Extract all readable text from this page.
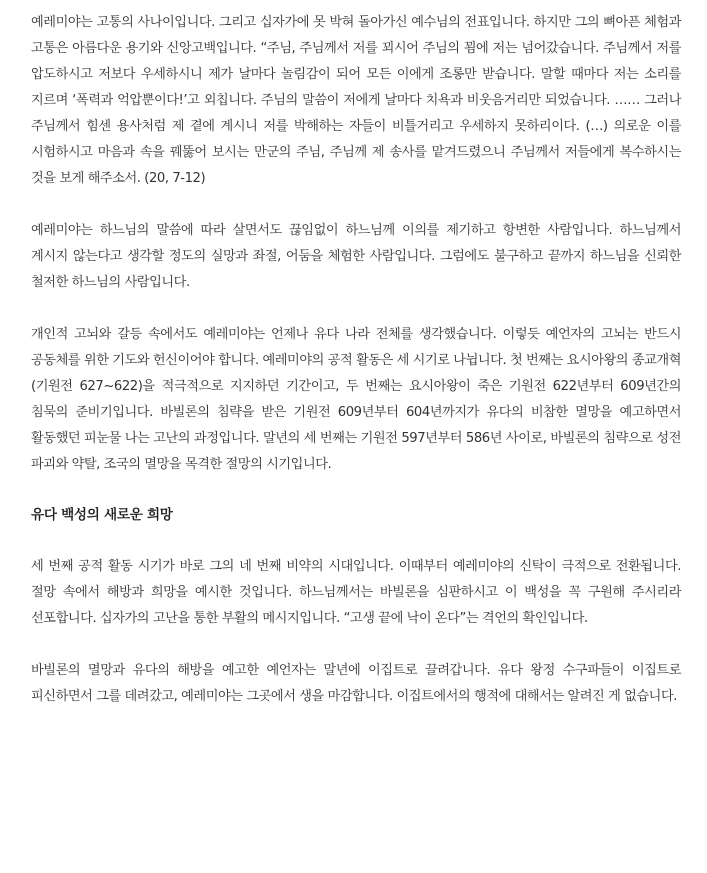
예레미야는 고통의 사나이입니다. 그리고 십자가에 못 박혀 돌아가신 예수님의 전표입니다. 하지만 그의 뼈아픈 체험과 고통은 아름다운 용기와 신앙고백입니다. “주님, 주님께서 저를 꾀시어 주님의 꾐에 저는 넘어갔습니다. 주님께서 저를 압도하시고 저보다 우세하시니 제가 날마다 놀림감이 되어 모든 이에게 조롱만 받습니다. 말할 때마다 저는 소리를 지르며 ‘폭력과 억압뿐이다!’고 외칩니다. 주님의 말씀이 저에게 날마다 치욕과 비웃음거리만 되었습니다. …… 그러나 주님께서 힘센 용사처럼 제 곁에 계시니 저를 박해하는 자들이 비틀거리고 우세하지 못하리이다. (…) 의로운 이를 시험하시고 마음과 속을 꿰뚫어 보시는 만군의 주님, 주님께 제 송사를 맡겨드렸으니 주님께서 저들에게 복수하시는 것을 보게 해주소서. (20, 7-12)

예레미야는 하느님의 말씀에 따라 살면서도 끊임없이 하느님께 이의를 제기하고 항변한 사람입니다. 하느님께서 계시지 않는다고 생각할 정도의 실망과 좌절, 어둠을 체험한 사람입니다. 그럼에도 불구하고 끝까지 하느님을 신뢰한 철저한 하느님의 사람입니다.

개인적 고뇌와 갈등 속에서도 예레미야는 언제나 유다 나라 전체를 생각했습니다. 이렇듯 예언자의 고뇌는 반드시 공동체를 위한 기도와 헌신이어야 합니다. 예레미야의 공적 활동은 세 시기로 나뉩니다. 첫 번째는 요시아왕의 종교개혁(기원전 627~622)을 적극적으로 지지하던 기간이고, 두 번째는 요시아왕이 죽은 기원전 622년부터 609년간의 침묵의 준비기입니다. 바빌론의 침략을 받은 기원전 609년부터 604년까지가 유다의 비참한 멸망을 예고하면서 활동했던 피눈물 나는 고난의 과정입니다. 말년의 세 번째는 기원전 597년부터 586년 사이로, 바빌론의 침략으로 성전 파괴와 약탈, 조국의 멸망을 목격한 절망의 시기입니다.

유다 백성의 새로운 희망

세 번째 공적 활동 시기가 바로 그의 네 번째 비약의 시대입니다. 이때부터 예레미야의 신탁이 극적으로 전환됩니다. 절망 속에서 해방과 희망을 예시한 것입니다. 하느님께서는 바빌론을 심판하시고 이 백성을 꼭 구원해 주시리라 선포합니다. 십자가의 고난을 통한 부활의 메시지입니다. “고생 끝에 낙이 온다”는 격언의 확인입니다.

바빌론의 멸망과 유다의 해방을 예고한 예언자는 말년에 이집트로 끌려갑니다. 유다 왕정 수구파들이 이집트로 피신하면서 그를 데려갔고, 예레미야는 그곳에서 생을 마감합니다. 이집트에서의 행적에 대해서는 알려진 게 없습니다.
